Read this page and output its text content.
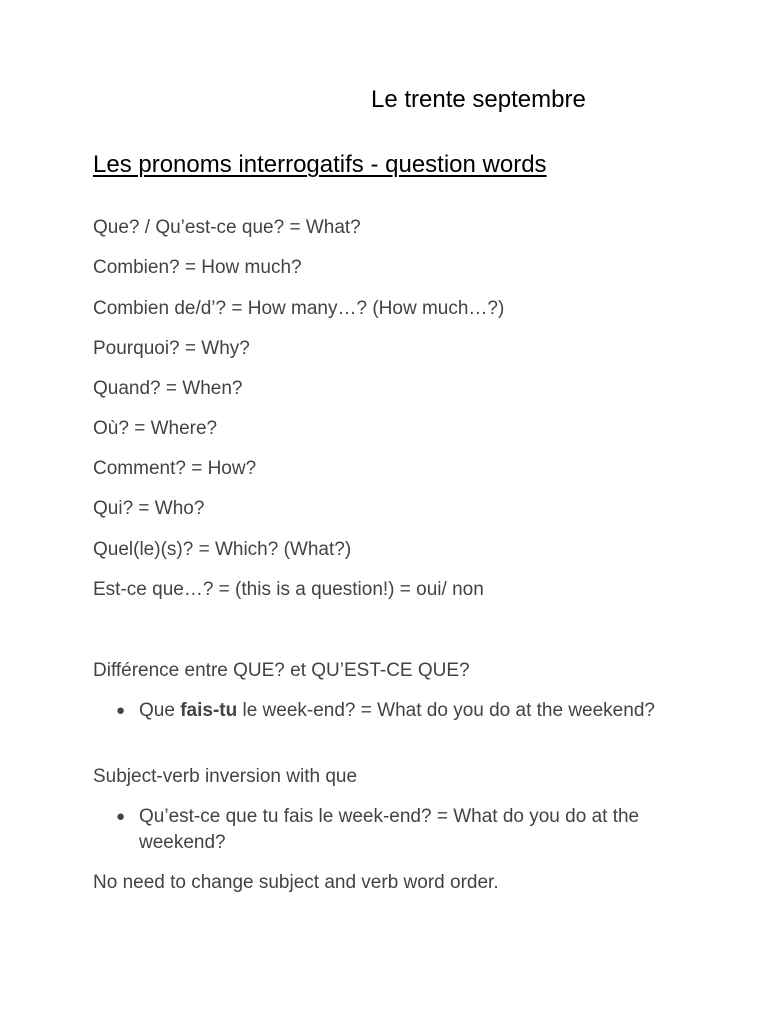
Le trente septembre
Les pronoms interrogatifs - question words
Que? / Qu’est-ce que? = What?
Combien? = How much?
Combien de/d’? = How many…? (How much…?)
Pourquoi? = Why?
Quand? = When?
Où? = Where?
Comment? = How?
Qui? = Who?
Quel(le)(s)? = Which? (What?)
Est-ce que…? = (this is a question!) = oui/ non
Différence entre QUE? et QU’EST-CE QUE?
● Que fais-tu le week-end? = What do you do at the weekend?
Subject-verb inversion with que
● Qu’est-ce que tu fais le week-end? = What do you do at the weekend?
No need to change subject and verb word order.
